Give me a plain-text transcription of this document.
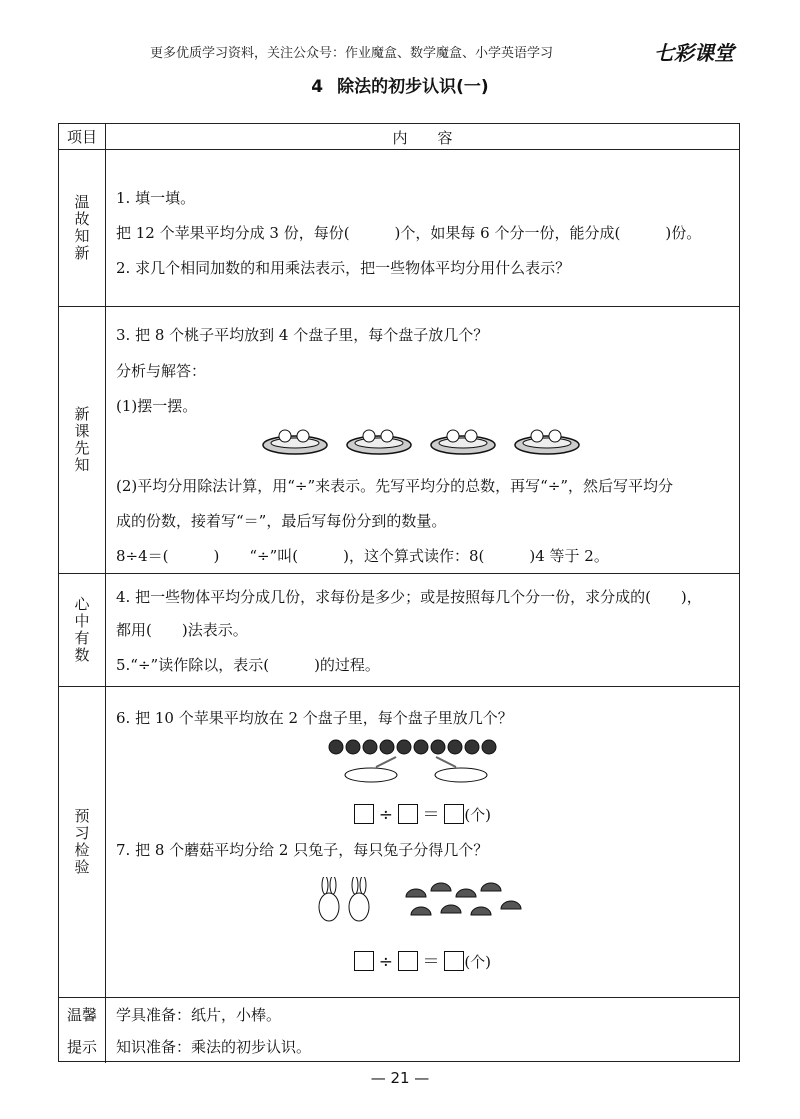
更多优质学习资料，关注公众号：作业魔盒、数学魔盒、小学英语学习	七彩课堂
4 除法的初步认识(一)
项目	内　　容
温故知新 1. 填一填。
把 12 个苹果平均分成 3 份，每份(　　　)个，如果每 6 个分一份，能分成(　　　)份。
2. 求几个相同加数的和用乘法表示，把一些物体平均分用什么表示？
新课先知
3. 把 8 个桃子平均放到 4 个盘子里，每个盘子放几个？
分析与解答：
(1)摆一摆。
(2)平均分用除法计算，用“÷”来表示。先写平均分的总数，再写“÷”，然后写平均分
成的份数，接着写“＝”，最后写每份分到的数量。
8÷4＝(　　　)　　“÷”叫(　　　)，这个算式读作：8(　　　)4 等于 2。
心中有数 4. 把一些物体平均分成几份，求每份是多少；或是按照每几个分一份，求分成的(　　)，
都用(　　)法表示。
5.“÷”读作除以，表示(　　　)的过程。
预习检验
6. 把 10 个苹果平均放在 2 个盘子里，每个盘子里放几个？
÷ ＝ (个)
7. 把 8 个蘑菇平均分给 2 只兔子，每只兔子分得几个？
÷ ＝ (个)
温馨
提示
学具准备：纸片，小棒。
知识准备：乘法的初步认识。
— 21 —
